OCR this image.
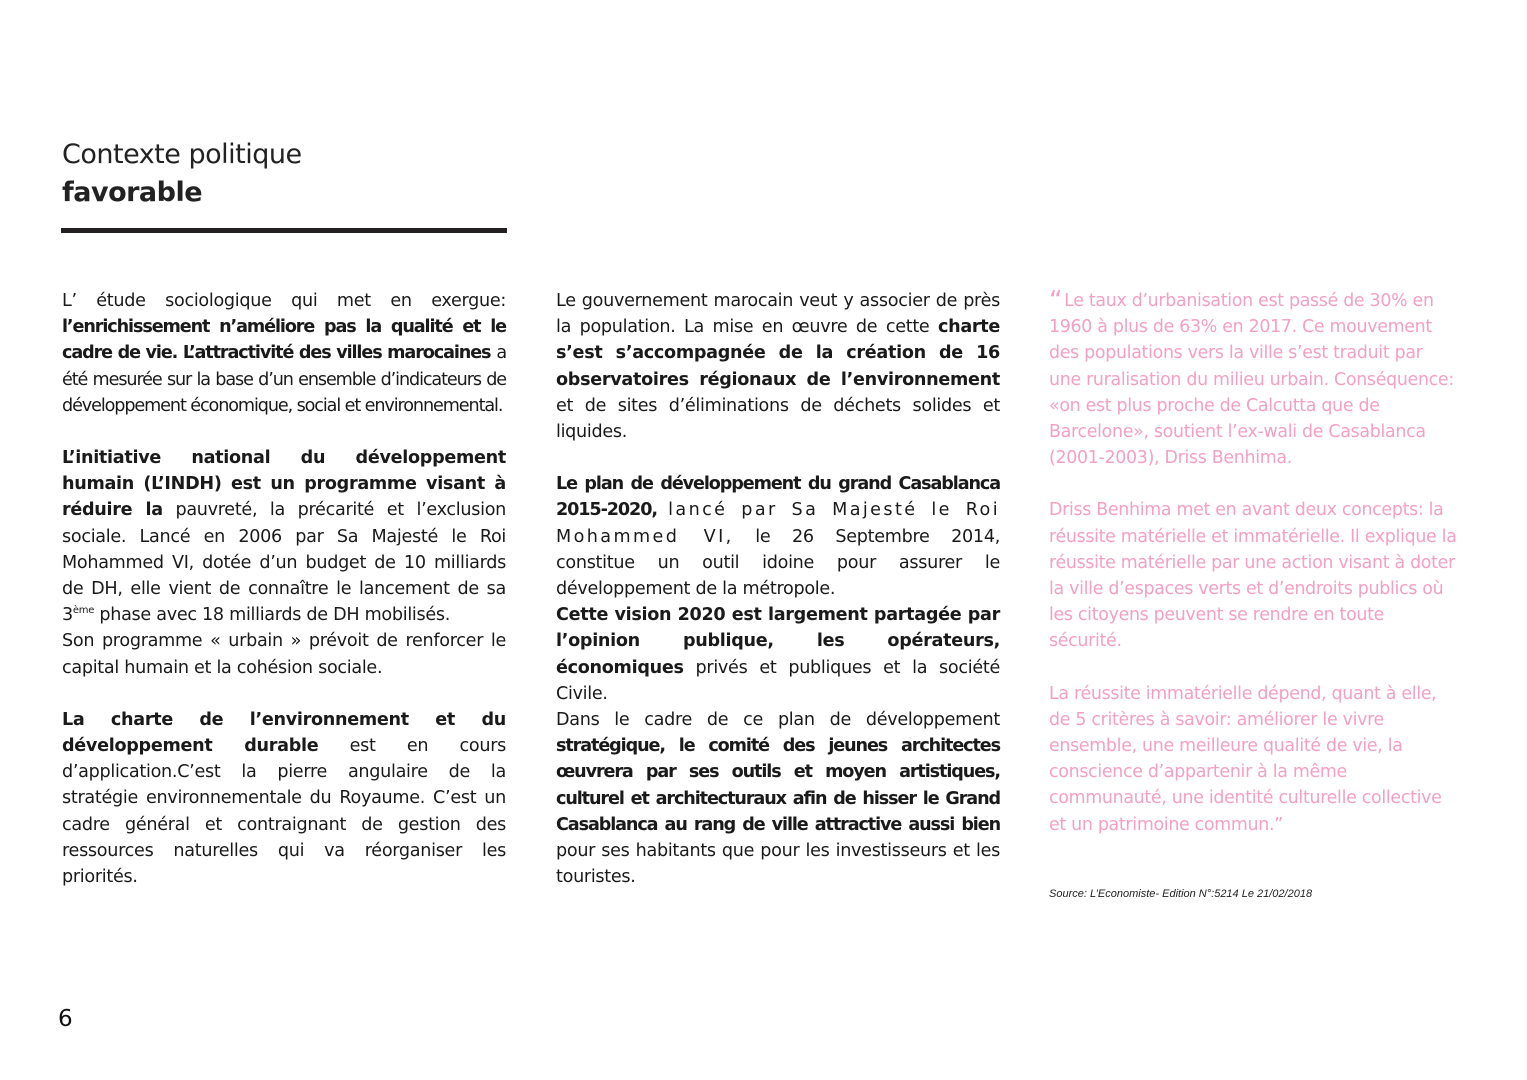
Contexte politique
favorable

L’ étude sociologique qui met en exergue: l’enrichissement n’améliore pas la qualité et le cadre de vie. L’attractivité des villes marocaines a été mesurée sur la base d’un ensemble d’indicateurs de développement économique, social et environnemental.

L’initiative national du développement humain (L’INDH) est un programme visant à réduire la pauvreté, la précarité et l’exclusion sociale. Lancé en 2006 par Sa Majesté le Roi Mohammed VI, dotée d’un budget de 10 milliards de DH, elle vient de connaître le lancement de sa 3ème phase avec 18 milliards de DH mobilisés.

Son programme « urbain » prévoit de renforcer le capital humain et la cohésion sociale.

La charte de l’environnement et du développement durable est en cours d’application.C’est la pierre angulaire de la stratégie environnementale du Royaume. C’est un cadre général et contraignant de gestion des ressources naturelles qui va réorganiser les priorités.

Le gouvernement marocain veut y associer de près la population. La mise en œuvre de cette charte s’est s’accompagnée de la création de 16 observatoires régionaux de l’environnement et de sites d’éliminations de déchets solides et liquides.

Le plan de développement du grand Casablanca 2015-2020, lancé par Sa Majesté le Roi Mohammed VI, le 26 Septembre 2014, constitue un outil idoine pour assurer le développement de la métropole.

Cette vision 2020 est largement partagée par l’opinion publique, les opérateurs, économiques privés et publiques et la société Civile.

Dans le cadre de ce plan de développement stratégique, le comité des jeunes architectes œuvrera par ses outils et moyen artistiques, culturel et architecturaux afin de hisser le Grand Casablanca au rang de ville attractive aussi bien pour ses habitants que pour les investisseurs et les touristes.

“ Le taux d’urbanisation est passé de 30% en 1960 à plus de 63% en 2017. Ce mouvement des populations vers la ville s’est traduit par une ruralisation du milieu urbain. Conséquence: «on est plus proche de Calcutta que de Barcelone», soutient l’ex-wali de Casablanca (2001-2003), Driss Benhima.

Driss Benhima met en avant deux concepts: la réussite matérielle et immatérielle. Il explique la réussite matérielle par une action visant à doter la ville d’espaces verts et d’endroits publics où les citoyens peuvent se rendre en toute sécurité.

La réussite immatérielle dépend, quant à elle, de 5 critères à savoir: améliorer le vivre ensemble, une meilleure qualité de vie, la conscience d’appartenir à la même communauté, une identité culturelle collective et un patrimoine commun.”

Source: L’Economiste- Edition N°:5214 Le 21/02/2018
6
